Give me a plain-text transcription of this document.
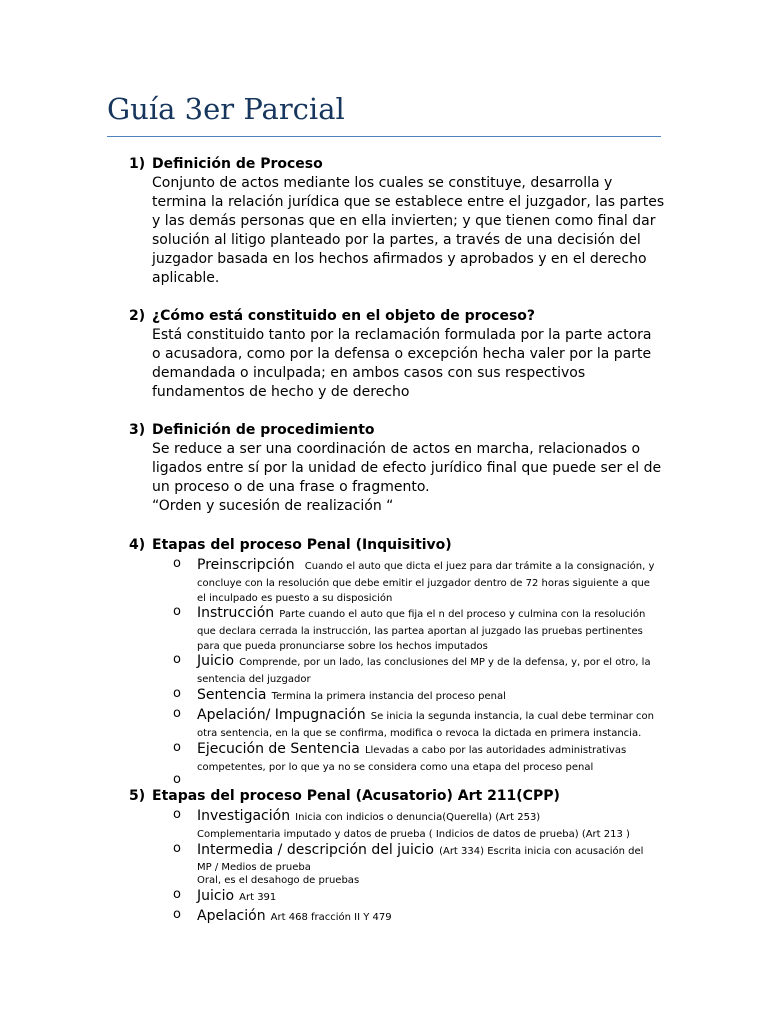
Guía 3er Parcial
1) Definición de Proceso

Conjunto de actos mediante los cuales se constituye, desarrolla y

termina la relación jurídica que se establece entre el juzgador, las partes

y las demás personas que en ella invierten; y que tienen como final dar

solución al litigo planteado por la partes, a través de una decisión del

juzgador basada en los hechos afirmados y aprobados y en el derecho

aplicable.

2) ¿Cómo está constituido en el objeto de proceso?

Está constituido tanto por la reclamación formulada por la parte actora

o acusadora, como por la defensa o excepción hecha valer por la parte

demandada o inculpada; en ambos casos con sus respectivos

fundamentos de hecho y de derecho

3) Definición de procedimiento

Se reduce a ser una coordinación de actos en marcha, relacionados o

ligados entre sí por la unidad de efecto jurídico final que puede ser el de

un proceso o de una frase o fragmento.

“Orden y sucesión de realización “

4) Etapas del proceso Penal (Inquisitivo)
o Preinscripción Cuando el auto que dicta el juez para dar trámite a la consignación, y
concluye con la resolución que debe emitir el juzgador dentro de 72 horas siguiente a que
el inculpado es puesto a su disposición
o Instrucción Parte cuando el auto que fija el n del proceso y culmina con la resolución
que declara cerrada la instrucción, las partea aportan al juzgado las pruebas pertinentes
para que pueda pronunciarse sobre los hechos imputados
o Juicio Comprende, por un lado, las conclusiones del MP y de la defensa, y, por el otro, la
sentencia del juzgador
o Sentencia Termina la primera instancia del proceso penal
o Apelación/ Impugnación Se inicia la segunda instancia, la cual debe terminar con
otra sentencia, en la que se confirma, modifica o revoca la dictada en primera instancia.
o Ejecución de Sentencia Llevadas a cabo por las autoridades administrativas
competentes, por lo que ya no se considera como una etapa del proceso penal
o
5) Etapas del proceso Penal (Acusatorio) Art 211(CPP)
o Investigación Inicia con indicios o denuncia(Querella) (Art 253)
Complementaria imputado y datos de prueba ( Indicios de datos de prueba) (Art 213 )
o Intermedia / descripción del juicio (Art 334) Escrita inicia con acusación del
MP / Medios de prueba
Oral, es el desahogo de pruebas
o Juicio Art 391
o Apelación Art 468 fracción II Y 479
